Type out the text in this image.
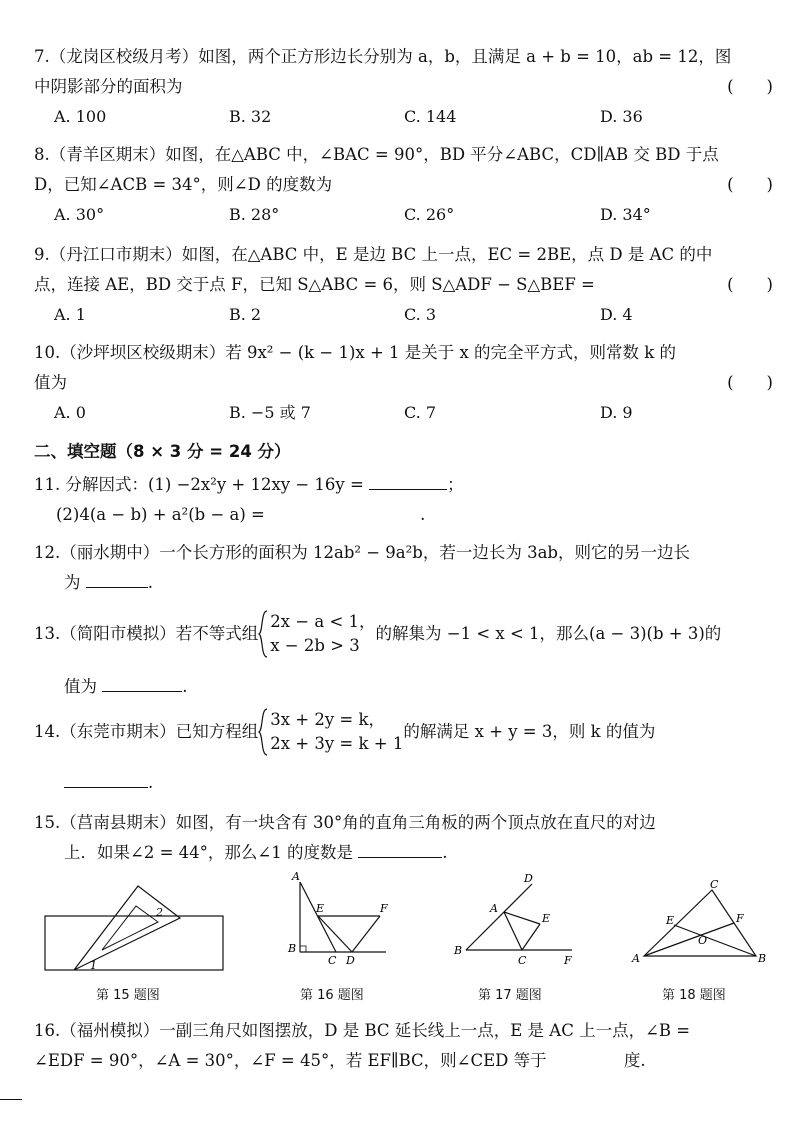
7.（龙岗区校级月考）如图，两个正方形边长分别为 a，b，且满足 a + b = 10，ab = 12，图
中阴影部分的面积为	(　　)
A. 100	B. 32	C. 144	D. 36
8.（青羊区期末）如图，在△ABC 中，∠BAC = 90°，BD 平分∠ABC，CD∥AB 交 BD 于点
D，已知∠ACB = 34°，则∠D 的度数为	(　　)
A. 30°	B. 28°	C. 26°	D. 34°
9.（丹江口市期末）如图，在△ABC 中，E 是边 BC 上一点，EC = 2BE，点 D 是 AC 的中
点，连接 AE，BD 交于点 F，已知 S△ABC = 6，则 S△ADF − S△BEF =	(　　)
A. 1	B. 2	C. 3	D. 4
10.（沙坪坝区校级期末）若 9x² − (k − 1)x + 1 是关于 x 的完全平方式，则常数 k 的
值为	(　　)
A. 0	B. −5 或 7	C. 7	D. 9
二、填空题（8 × 3 分 = 24 分）
11. 分解因式：(1) −2x²y + 12xy − 16y =	；
(2)4(a − b) + a²(b − a) =	.
12.（丽水期中）一个长方形的面积为 12ab² − 9a²b，若一边长为 3ab，则它的另一边长
为	.
13.（简阳市模拟）若不等式组
2x − a < 1，
x − 2b > 3
的解集为 −1 < x < 1，那么(a − 3)(b + 3)的
值为	.
14.（东莞市期末）已知方程组
3x + 2y = k，
2x + 3y = k + 1
的解满足 x + y = 3，则 k 的值为
.
15.（莒南县期末）如图，有一块含有 30°角的直角三角板的两个顶点放在直尺的对边
上．如果∠2 = 44°，那么∠1 的度数是	.
2
1
第 15 题图
A
E	F
B
C D
第 16 题图
D
A
E
B
C	F
第 17 题图
C
E	F
O
A	B
第 18 题图
16.（福州模拟）一副三角尺如图摆放，D 是 BC 延长线上一点，E 是 AC 上一点，∠B =
∠EDF = 90°，∠A = 30°，∠F = 45°，若 EF∥BC，则∠CED 等于	度.
